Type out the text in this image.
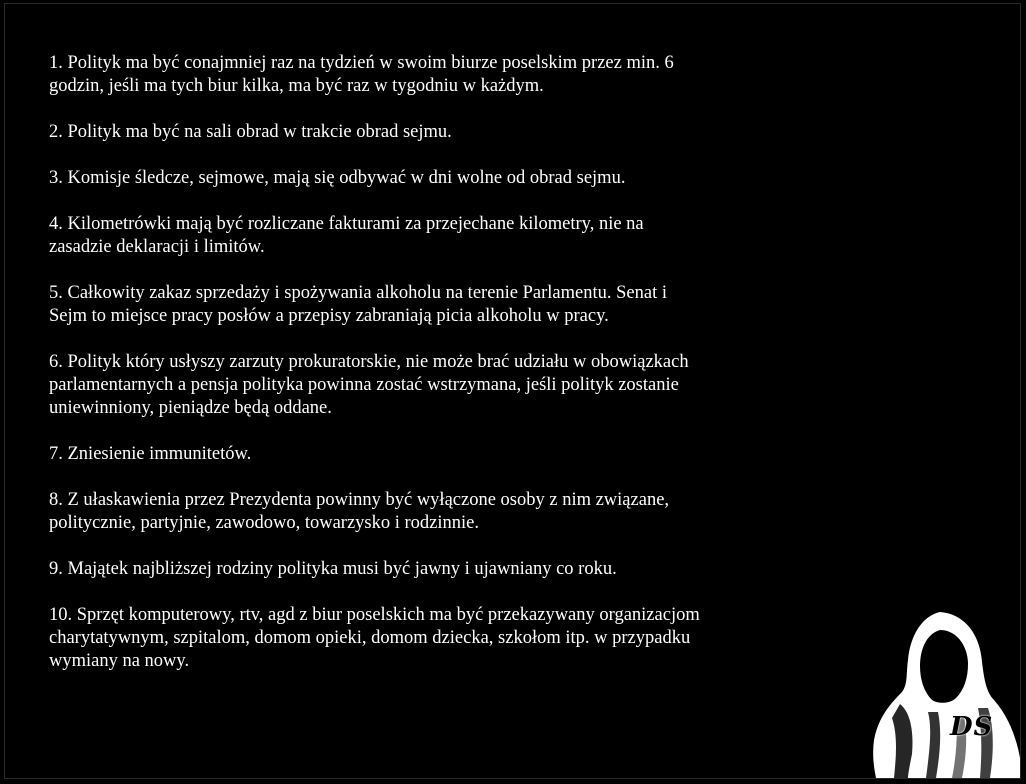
1. Polityk ma być conajmniej raz na tydzień w swoim biurze poselskim przez min. 6
godzin, jeśli ma tych biur kilka, ma być raz w tygodniu w każdym.
2. Polityk ma być na sali obrad w trakcie obrad sejmu.
3. Komisje śledcze, sejmowe, mają się odbywać w dni wolne od obrad sejmu.
4. Kilometrówki mają być rozliczane fakturami za przejechane kilometry, nie na
zasadzie deklaracji i limitów.
5. Całkowity zakaz sprzedaży i spożywania alkoholu na terenie Parlamentu. Senat i
Sejm to miejsce pracy posłów a przepisy zabraniają picia alkoholu w pracy.
6. Polityk który usłyszy zarzuty prokuratorskie, nie może brać udziału w obowiązkach
parlamentarnych a pensja polityka powinna zostać wstrzymana, jeśli polityk zostanie
uniewinniony, pieniądze będą oddane.
7. Zniesienie immunitetów.
8. Z ułaskawienia przez Prezydenta powinny być wyłączone osoby z nim związane,
politycznie, partyjnie, zawodowo, towarzysko i rodzinnie.
9. Majątek najbliższej rodziny polityka musi być jawny i ujawniany co roku.
10. Sprzęt komputerowy, rtv, agd z biur poselskich ma być przekazywany organizacjom
charytatywnym, szpitalom, domom opieki, domom dziecka, szkołom itp. w przypadku
wymiany na nowy.
DS
